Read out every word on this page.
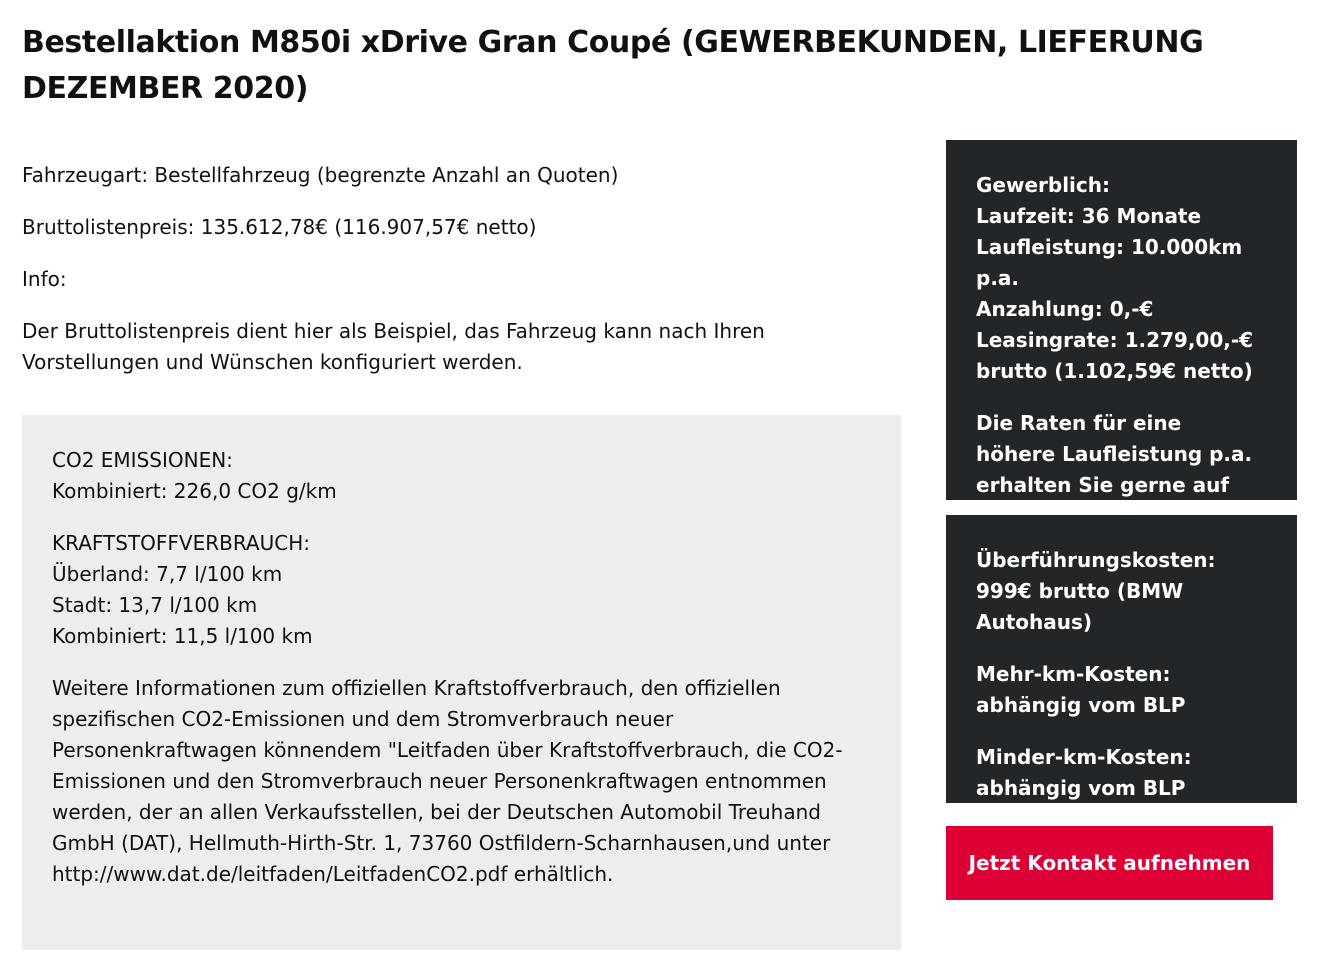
Bestellaktion M850i xDrive Gran Coupé (GEWERBEKUNDEN, LIEFERUNG DEZEMBER 2020)

Fahrzeugart: Bestellfahrzeug (begrenzte Anzahl an Quoten)

Bruttolistenpreis: 135.612,78€ (116.907,57€ netto)

Info:

Der Bruttolistenpreis dient hier als Beispiel, das Fahrzeug kann nach Ihren Vorstellungen und Wünschen konfiguriert werden.

CO2 EMISSIONEN:
Kombiniert: 226,0 CO2 g/km

KRAFTSTOFFVERBRAUCH:
Überland: 7,7 l/100 km
Stadt: 13,7 l/100 km
Kombiniert: 11,5 l/100 km

Weitere Informationen zum offiziellen Kraftstoffverbrauch, den offiziellen spezifischen CO2-Emissionen und dem Stromverbrauch neuer Personenkraftwagen könnendem "Leitfaden über Kraftstoffverbrauch, die CO2-Emissionen und den Stromverbrauch neuer Personenkraftwagen entnommen werden, der an allen Verkaufsstellen, bei der Deutschen Automobil Treuhand GmbH (DAT), Hellmuth-Hirth-Str. 1, 73760 Ostfildern-Scharnhausen,und unter http://www.dat.de/leitfaden/LeitfadenCO2.pdf erhältlich.

Gewerblich:
Laufzeit: 36 Monate
Laufleistung: 10.000km p.a.
Anzahlung: 0,-€
Leasingrate: 1.279,00,-€ brutto (1.102,59€ netto)

Die Raten für eine höhere Laufleistung p.a. erhalten Sie gerne auf

Überführungskosten: 999€ brutto (BMW Autohaus)

Mehr-km-Kosten: abhängig vom BLP

Minder-km-Kosten: abhängig vom BLP

Jetzt Kontakt aufnehmen
